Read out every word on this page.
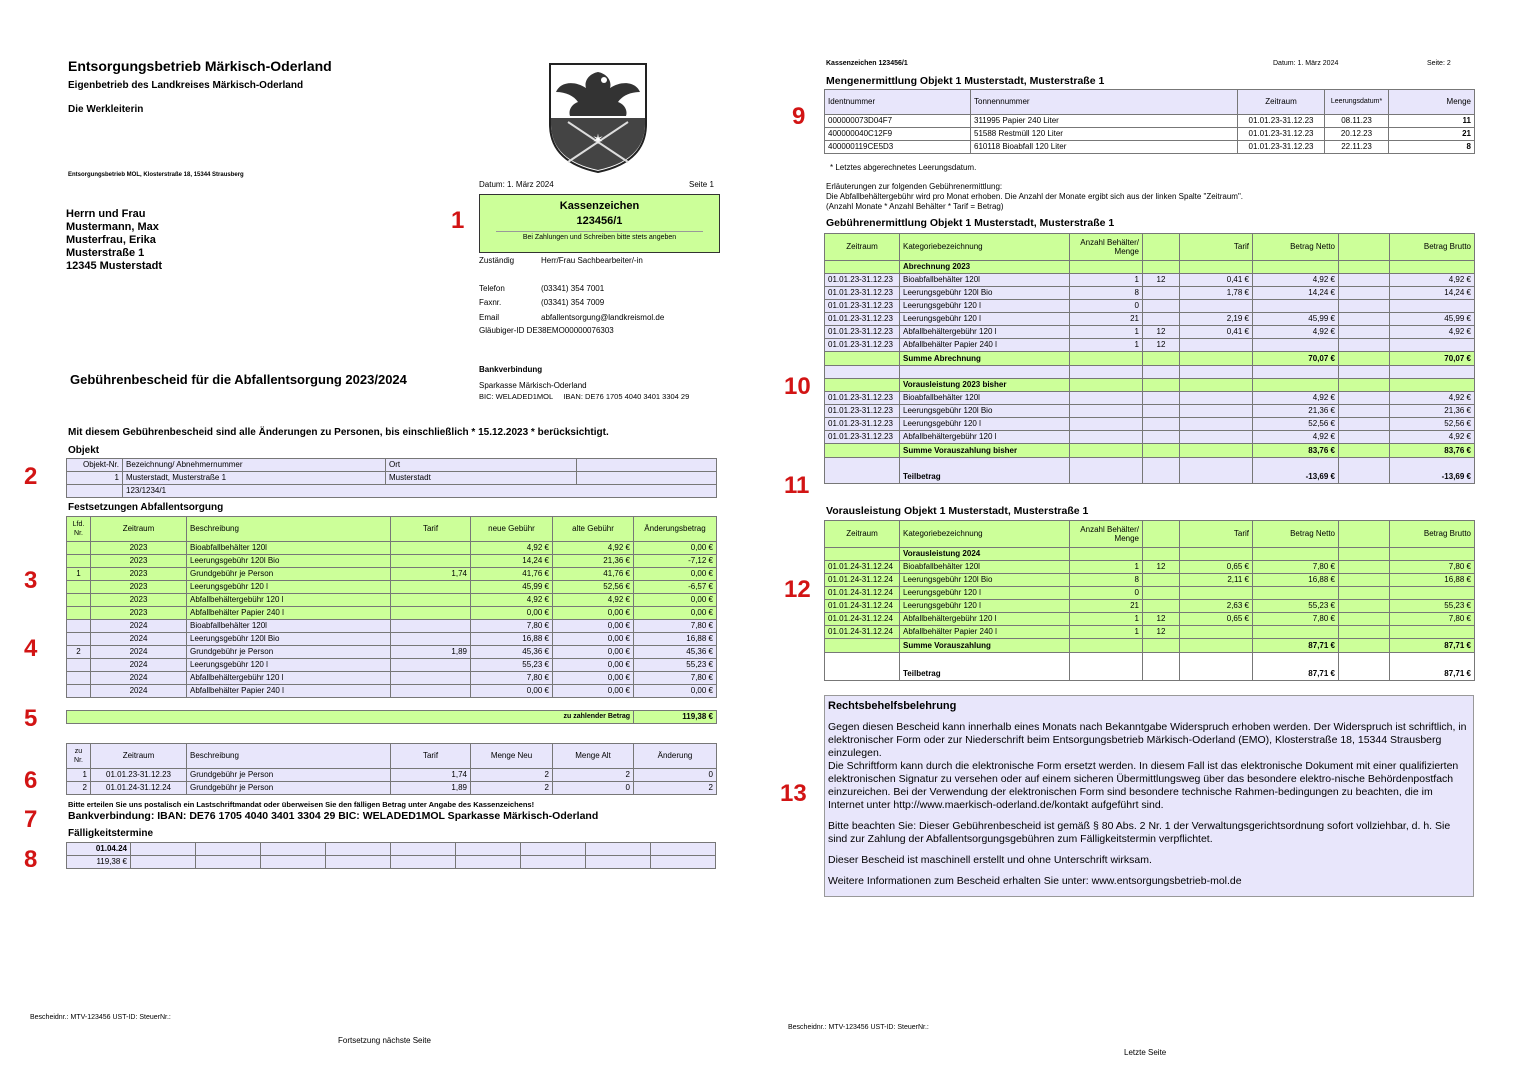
Entsorgungsbetrieb Märkisch-Oderland
Eigenbetrieb des Landkreises Märkisch-Oderland
Die Werkleiterin
Entsorgungsbetrieb MOL, Klosterstraße 18, 15344 Strausberg
✶
Datum: 1. März 2024	Seite 1
Herrn und Frau
Mustermann, Max
Musterfrau, Erika
Musterstraße 1
12345 Musterstadt
Kassenzeichen
123456/1
Bei Zahlungen und Schreiben bitte stets angeben
Zuständig	Herr/Frau Sachbearbeiter/-in
Telefon	(03341) 354 7001
Faxnr.	(03341) 354 7009
Email	abfallentsorgung@landkreismol.de
Gläubiger-ID DE38EMO00000076303
Bankverbindung
Sparkasse Märkisch-Oderland
BIC: WELADED1MOL     IBAN: DE76 1705 4040 3401 3304 29
Gebührenbescheid für die Abfallentsorgung 2023/2024
Mit diesem Gebührenbescheid sind alle Änderungen zu Personen, bis einschließlich * 15.12.2023 * berücksichtigt.
Objekt
Objekt-Nr.	Bezeichnung/ Abnehmernummer	Ort	
1	Musterstadt, Musterstraße 1	Musterstadt	
	123/1234/1		
Festsetzungen Abfallentsorgung
Lfd. Nr.	Zeitraum	Beschreibung	Tarif	neue Gebühr	alte Gebühr	Änderungsbetrag
	2023	Bioabfallbehälter 120l		4,92 €	4,92 €	0,00 €
	2023	Leerungsgebühr 120l Bio		14,24 €	21,36 €	-7,12 €
1	2023	Grundgebühr je Person	1,74	41,76 €	41,76 €	0,00 €
	2023	Leerungsgebühr 120 l		45,99 €	52,56 €	-6,57 €
	2023	Abfallbehältergebühr 120 l		4,92 €	4,92 €	0,00 €
	2023	Abfallbehälter Papier 240 l		0,00 €	0,00 €	0,00 €
	2024	Bioabfallbehälter 120l		7,80 €	0,00 €	7,80 €
	2024	Leerungsgebühr 120l Bio		16,88 €	0,00 €	16,88 €
2	2024	Grundgebühr je Person	1,89	45,36 €	0,00 €	45,36 €
	2024	Leerungsgebühr 120 l		55,23 €	0,00 €	55,23 €
	2024	Abfallbehältergebühr 120 l		7,80 €	0,00 €	7,80 €
	2024	Abfallbehälter Papier 240 l		0,00 €	0,00 €	0,00 €
zu zahlender Betrag	119,38 €
zu Nr.	Zeitraum	Beschreibung	Tarif	Menge Neu	Menge Alt	Änderung
1	01.01.23-31.12.23	Grundgebühr je Person	1,74	2	2	0
2	01.01.24-31.12.24	Grundgebühr je Person	1,89	2	0	2
Bitte erteilen Sie uns postalisch ein Lastschriftmandat oder überweisen Sie den fälligen Betrag unter Angabe des Kassenzeichens!
Bankverbindung: IBAN: DE76 1705 4040 3401 3304 29 BIC: WELADED1MOL Sparkasse Märkisch-Oderland
Fälligkeitstermine
01.04.24									
119,38 €									
Bescheidnr.: MTV-123456 UST-ID: SteuerNr.:
Fortsetzung nächste Seite
1
2
3
4
5
6
7
8
Kassenzeichen 123456/1	Datum: 1. März 2024	Seite: 2
Mengenermittlung Objekt 1 Musterstadt, Musterstraße 1
Identnummer	Tonnennummer	Zeitraum	Leerungsdatum*	Menge
000000073D04F7	311995 Papier 240 Liter	01.01.23-31.12.23	08.11.23	11
400000040C12F9	51588 Restmüll 120 Liter	01.01.23-31.12.23	20.12.23	21
400000119CE5D3	610118 Bioabfall 120 Liter	01.01.23-31.12.23	22.11.23	8
* Letztes abgerechnetes Leerungsdatum.
Erläuterungen zur folgenden Gebührenermittlung:
Die Abfallbehältergebühr wird pro Monat erhoben. Die Anzahl der Monate ergibt sich aus der linken Spalte "Zeitraum".
(Anzahl Monate * Anzahl Behälter * Tarif = Betrag)
Gebührenermittlung Objekt 1 Musterstadt, Musterstraße 1
Zeitraum	Kategoriebezeichnung	Anzahl Behälter/ Menge		Tarif	Betrag Netto		Betrag Brutto
	Abrechnung 2023						
01.01.23-31.12.23	Bioabfallbehälter 120l	1	12	0,41 €	4,92 €		4,92 €
01.01.23-31.12.23	Leerungsgebühr 120l Bio	8		1,78 €	14,24 €		14,24 €
01.01.23-31.12.23	Leerungsgebühr 120 l	0					
01.01.23-31.12.23	Leerungsgebühr 120 l	21		2,19 €	45,99 €		45,99 €
01.01.23-31.12.23	Abfallbehältergebühr 120 l	1	12	0,41 €	4,92 €		4,92 €
01.01.23-31.12.23	Abfallbehälter Papier 240 l	1	12				
	Summe Abrechnung				70,07 €		70,07 €

	Vorausleistung 2023 bisher						
01.01.23-31.12.23	Bioabfallbehälter 120l				4,92 €		4,92 €
01.01.23-31.12.23	Leerungsgebühr 120l Bio				21,36 €		21,36 €
01.01.23-31.12.23	Leerungsgebühr 120 l				52,56 €		52,56 €
01.01.23-31.12.23	Abfallbehältergebühr 120 l				4,92 €		4,92 €
	Summe Vorauszahlung bisher				83,76 €		83,76 €
	Teilbetrag				-13,69 €		-13,69 €
Vorausleistung Objekt 1 Musterstadt, Musterstraße 1
Zeitraum	Kategoriebezeichnung	Anzahl Behälter/ Menge		Tarif	Betrag Netto		Betrag Brutto
	Vorausleistung 2024						
01.01.24-31.12.24	Bioabfallbehälter 120l	1	12	0,65 €	7,80 €		7,80 €
01.01.24-31.12.24	Leerungsgebühr 120l Bio	8		2,11 €	16,88 €		16,88 €
01.01.24-31.12.24	Leerungsgebühr 120 l	0					
01.01.24-31.12.24	Leerungsgebühr 120 l	21		2,63 €	55,23 €		55,23 €
01.01.24-31.12.24	Abfallbehältergebühr 120 l	1	12	0,65 €	7,80 €		7,80 €
01.01.24-31.12.24	Abfallbehälter Papier 240 l	1	12				
	Summe Vorauszahlung				87,71 €		87,71 €
	Teilbetrag				87,71 €		87,71 €
Rechtsbehelfsbelehrung
Gegen diesen Bescheid kann innerhalb eines Monats nach Bekanntgabe Widerspruch erhoben werden. Der Widerspruch ist schriftlich, in elektronischer Form oder zur Niederschrift beim Entsorgungsbetrieb Märkisch-Oderland (EMO), Klosterstraße 18, 15344 Strausberg einzulegen.
Die Schriftform kann durch die elektronische Form ersetzt werden. In diesem Fall ist das elektronische Dokument mit einer qualifizierten elektronischen Signatur zu versehen oder auf einem sicheren Übermittlungsweg über das besondere elektro-nische Behördenpostfach einzureichen. Bei der Verwendung der elektronischen Form sind besondere technische Rahmen-bedingungen zu beachten, die im Internet unter http://www.maerkisch-oderland.de/kontakt aufgeführt sind.
Bitte beachten Sie: Dieser Gebührenbescheid ist gemäß § 80 Abs. 2 Nr. 1 der Verwaltungsgerichtsordnung sofort vollziehbar, d. h. Sie sind zur Zahlung der Abfallentsorgungsgebühren zum Fälligkeitstermin verpflichtet.
Dieser Bescheid ist maschinell erstellt und ohne Unterschrift wirksam.
Weitere Informationen zum Bescheid erhalten Sie unter: www.entsorgungsbetrieb-mol.de
Bescheidnr.: MTV-123456 UST-ID: SteuerNr.:
Letzte Seite
9
10
11
12
13
